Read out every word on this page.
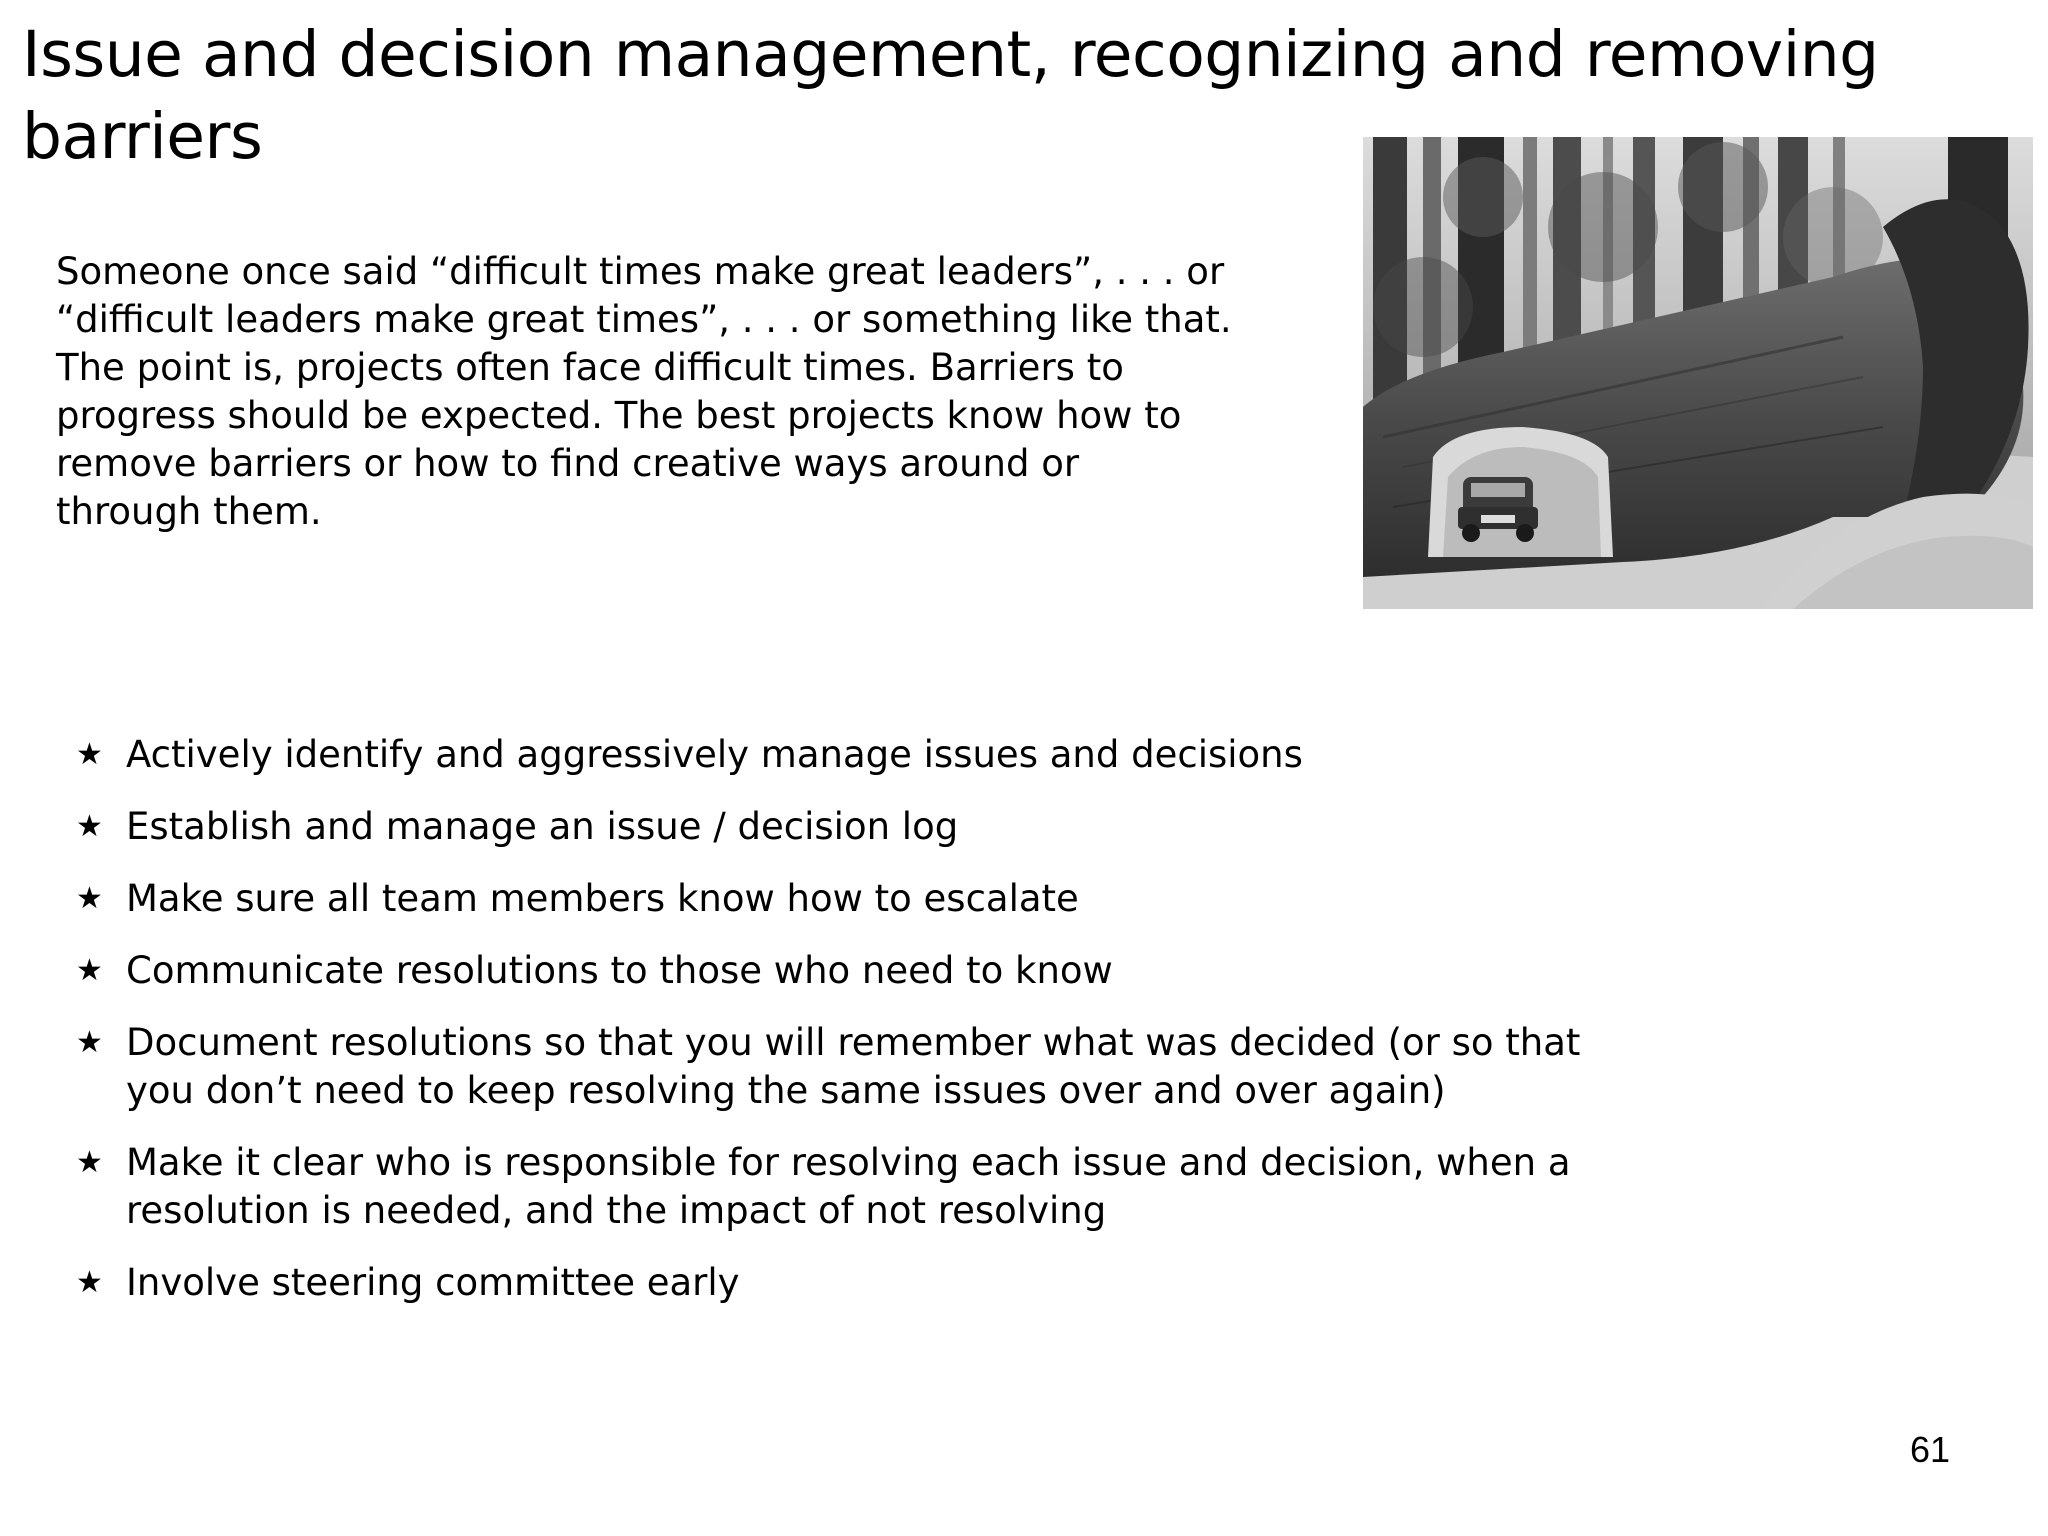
Issue and decision management, recognizing and removing barriers

Someone once said “difficult times make great leaders”, . . . or “difficult leaders make great times”, . . . or something like that. The point is, projects often face difficult times. Barriers to progress should be expected. The best projects know how to remove barriers or how to find creative ways around or through them.

★ Actively identify and aggressively manage issues and decisions
★ Establish and manage an issue / decision log
★ Make sure all team members know how to escalate
★ Communicate resolutions to those who need to know
★ Document resolutions so that you will remember what was decided (or so that you don’t need to keep resolving the same issues over and over again)
★ Make it clear who is responsible for resolving each issue and decision, when a resolution is needed, and the impact of not resolving
★ Involve steering committee early
61
